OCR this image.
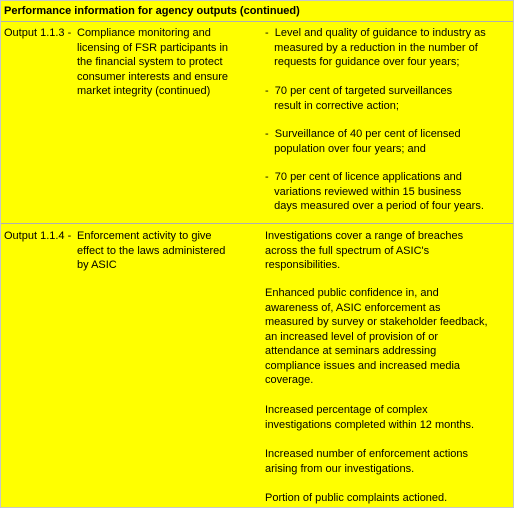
Performance information for agency outputs (continued)
Output 1.1.3 - Compliance monitoring and
licensing of FSR participants in
the financial system to protect
consumer interests and ensure
market integrity (continued)
-  Level and quality of guidance to industry as
measured by a reduction in the number of
requests for guidance over four years;
-  70 per cent of targeted surveillances
result in corrective action;
-  Surveillance of 40 per cent of licensed
population over four years; and
-  70 per cent of licence applications and
variations reviewed within 15 business
days measured over a period of four years.
Output 1.1.4 - Enforcement activity to give
effect to the laws administered
by ASIC
Investigations cover a range of breaches
across the full spectrum of ASIC's
responsibilities.
Enhanced public confidence in, and
awareness of, ASIC enforcement as
measured by survey or stakeholder feedback,
an increased level of provision of or
attendance at seminars addressing
compliance issues and increased media
coverage.
Increased percentage of complex
investigations completed within 12 months.
Increased number of enforcement actions
arising from our investigations.
Portion of public complaints actioned.
